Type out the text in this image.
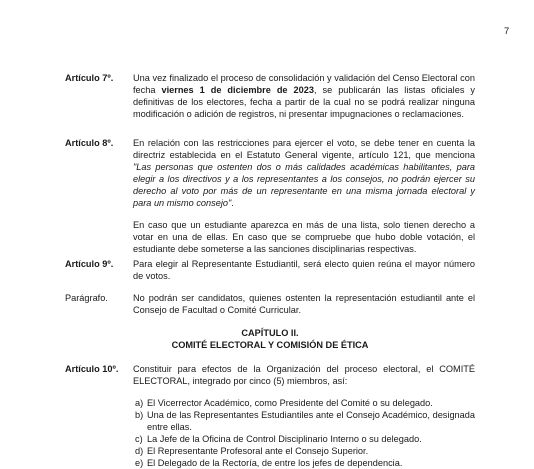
7
Artículo 7º.	Una vez finalizado el proceso de consolidación y validación del Censo Electoral con fecha viernes 1 de diciembre de 2023, se publicarán las listas oficiales y definitivas de los electores, fecha a partir de la cual no se podrá realizar ninguna modificación o adición de registros, ni presentar impugnaciones o reclamaciones.

Artículo 8º.	En relación con las restricciones para ejercer el voto, se debe tener en cuenta la directriz establecida en el Estatuto General vigente, artículo 121, que menciona "Las personas que ostenten dos o más calidades académicas habilitantes, para elegir a los directivos y a los representantes a los consejos, no podrán ejercer su derecho al voto por más de un representante en una misma jornada electoral y para un mismo consejo".

En caso que un estudiante aparezca en más de una lista, solo tienen derecho a votar en una de ellas. En caso que se compruebe que hubo doble votación, el estudiante debe someterse a las sanciones disciplinarias respectivas.

Artículo 9º.	Para elegir al Representante Estudiantil, será electo quien reúna el mayor número de votos.

Parágrafo.	No podrán ser candidatos, quienes ostenten la representación estudiantil ante el Consejo de Facultad o Comité Curricular.

CAPÍTULO II.
COMITÉ ELECTORAL Y COMISIÓN DE ÉTICA
Artículo 10º.	Constituir para efectos de la Organización del proceso electoral, el COMITÉ ELECTORAL, integrado por cinco (5) miembros, así:

a) El Vicerrector Académico, como Presidente del Comité o su delegado.
b) Una de las Representantes Estudiantiles ante el Consejo Académico, designada entre ellas.
c) La Jefe de la Oficina de Control Disciplinario Interno o su delegado.
d) El Representante Profesoral ante el Consejo Superior.
e) El Delegado de la Rectoría, de entre los jefes de dependencia.
